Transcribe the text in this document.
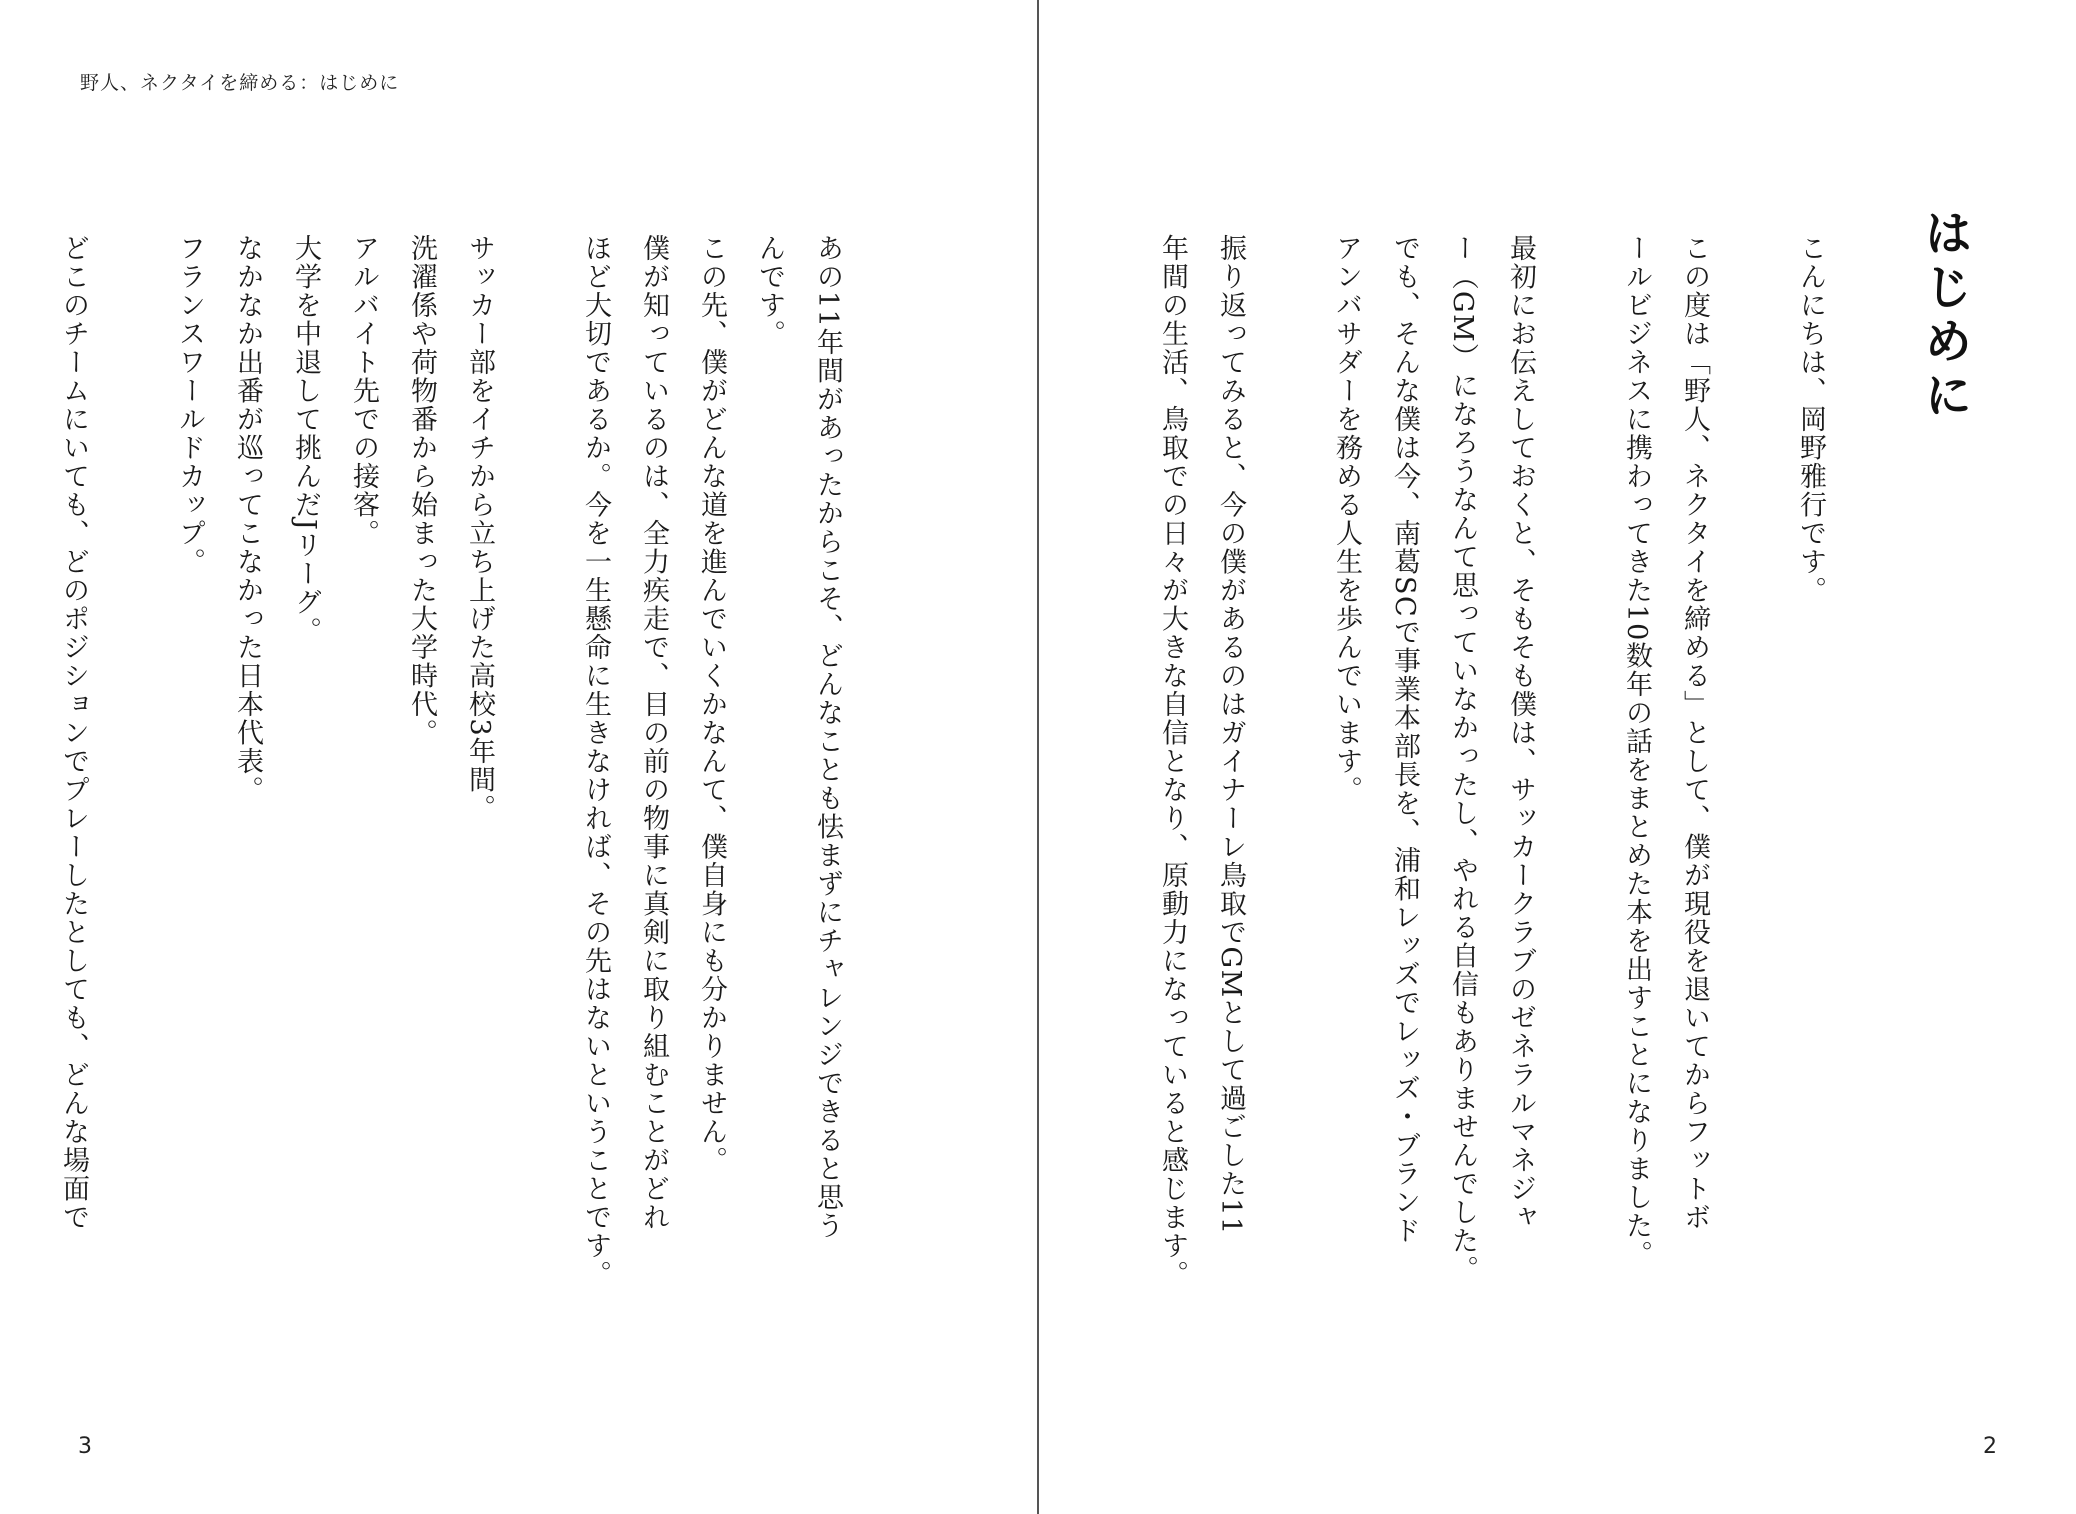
野人、ネクタイを締める：はじめに
あの11年間があったからこそ、どんなことも怯まずにチャレンジできると思う
んです。
この先、僕がどんな道を進んでいくかなんて、僕自身にも分かりません。
僕が知っているのは、全力疾走で、目の前の物事に真剣に取り組むことがどれ
ほど大切であるか。今を一生懸命に生きなければ、その先はないということです。
サッカー部をイチから立ち上げた高校3年間。
洗濯係や荷物番から始まった大学時代。
アルバイト先での接客。
大学を中退して挑んだJリーグ。
なかなか出番が巡ってこなかった日本代表。
フランスワールドカップ。
どこのチームにいても、どのポジションでプレーしたとしても、どんな場面で
3
はじめに
こんにちは、岡野雅行です。
この度は「野人、ネクタイを締める」として、僕が現役を退いてからフットボ
ールビジネスに携わってきた10数年の話をまとめた本を出すことになりました。
最初にお伝えしておくと、そもそも僕は、サッカークラブのゼネラルマネジャ
ー（GM）になろうなんて思っていなかったし、やれる自信もありませんでした。
でも、そんな僕は今、南葛SCで事業本部長を、浦和レッズでレッズ・ブランド
アンバサダーを務める人生を歩んでいます。
振り返ってみると、今の僕があるのはガイナーレ鳥取でGMとして過ごした11
年間の生活、鳥取での日々が大きな自信となり、原動力になっていると感じます。
2
